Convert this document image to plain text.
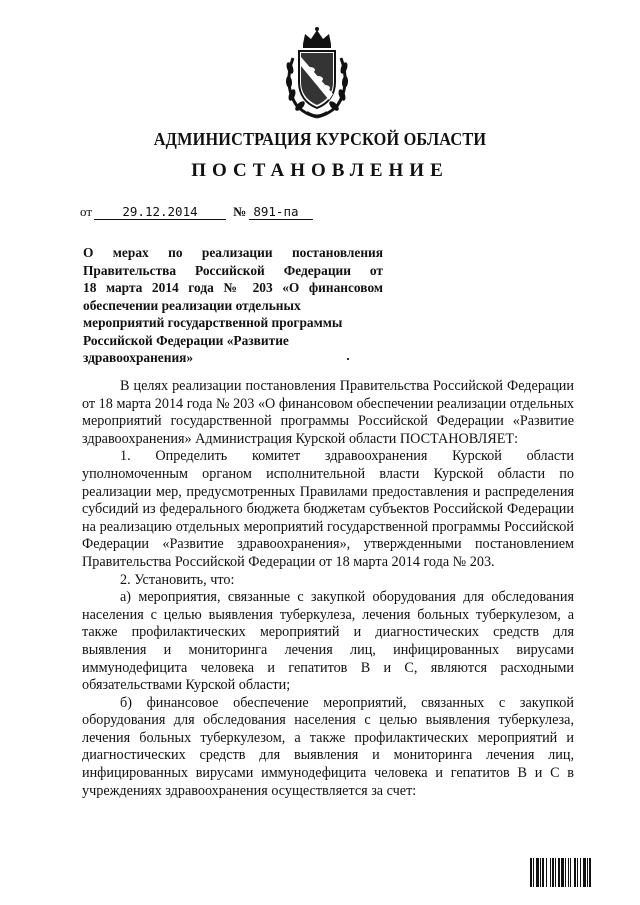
АДМИНИСТРАЦИЯ КУРСКОЙ ОБЛАСТИ
ПОСТАНОВЛЕНИЕ
от 29.12.2014	№ 891-па
О мерах по реализации постановления
Правительства Российской Федерации от
18 марта 2014 года № 203 «О финансовом
обеспечении реализации отдельных
мероприятий государственной программы
Российской Федерации «Развитие
здравоохранения»

В целях реализации постановления Правительства Российской Федерации от 18 марта 2014 года № 203 «О финансовом обеспечении реализации отдельных мероприятий государственной программы Российской Федерации «Развитие здравоохранения» Администрация Курской области ПОСТАНОВЛЯЕТ:

1. Определить комитет здравоохранения Курской области уполномоченным органом исполнительной власти Курской области по реализации мер, предусмотренных Правилами предоставления и распределения субсидий из федерального бюджета бюджетам субъектов Российской Федерации на реализацию отдельных мероприятий государственной программы Российской Федерации «Развитие здравоохранения», утвержденными постановлением Правительства Российской Федерации от 18 марта 2014 года № 203.

2. Установить, что:

а) мероприятия, связанные с закупкой оборудования для обследования населения с целью выявления туберкулеза, лечения больных туберкулезом, а также профилактических мероприятий и диагностических средств для выявления и мониторинга лечения лиц, инфицированных вирусами иммунодефицита человека и гепатитов В и С, являются расходными обязательствами Курской области;

б) финансовое обеспечение мероприятий, связанных с закупкой оборудования для обследования населения с целью выявления туберкулеза, лечения больных туберкулезом, а также профилактических мероприятий и диагностических средств для выявления и мониторинга лечения лиц, инфицированных вирусами иммунодефицита человека и гепатитов В и С в учреждениях здравоохранения осуществляется за счет:
